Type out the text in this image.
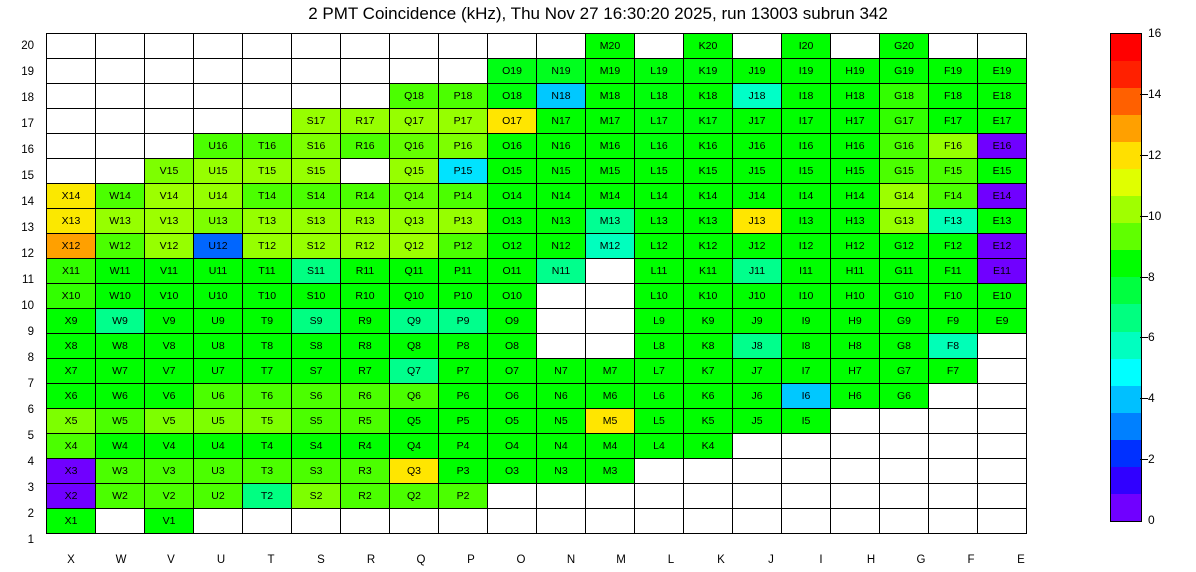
2 PMT Coincidence (kHz), Thu Nov 27 16:30:20 2025, run 13003 subrun 342
20
19
18
17
16
15
14
13
12
11
10
9
8
7
6
5
4
3
2
1
											M20		K20		I20		G20		
									O19	N19	M19	L19	K19	J19	I19	H19	G19	F19	E19
							Q18	P18	O18	N18	M18	L18	K18	J18	I18	H18	G18	F18	E18
					S17	R17	Q17	P17	O17	N17	M17	L17	K17	J17	I17	H17	G17	F17	E17
			U16	T16	S16	R16	Q16	P16	O16	N16	M16	L16	K16	J16	I16	H16	G16	F16	E16
		V15	U15	T15	S15		Q15	P15	O15	N15	M15	L15	K15	J15	I15	H15	G15	F15	E15
X14	W14	V14	U14	T14	S14	R14	Q14	P14	O14	N14	M14	L14	K14	J14	I14	H14	G14	F14	E14
X13	W13	V13	U13	T13	S13	R13	Q13	P13	O13	N13	M13	L13	K13	J13	I13	H13	G13	F13	E13
X12	W12	V12	U12	T12	S12	R12	Q12	P12	O12	N12	M12	L12	K12	J12	I12	H12	G12	F12	E12
X11	W11	V11	U11	T11	S11	R11	Q11	P11	O11	N11		L11	K11	J11	I11	H11	G11	F11	E11
X10	W10	V10	U10	T10	S10	R10	Q10	P10	O10			L10	K10	J10	I10	H10	G10	F10	E10
X9	W9	V9	U9	T9	S9	R9	Q9	P9	O9			L9	K9	J9	I9	H9	G9	F9	E9
X8	W8	V8	U8	T8	S8	R8	Q8	P8	O8			L8	K8	J8	I8	H8	G8	F8	
X7	W7	V7	U7	T7	S7	R7	Q7	P7	O7	N7	M7	L7	K7	J7	I7	H7	G7	F7	
X6	W6	V6	U6	T6	S6	R6	Q6	P6	O6	N6	M6	L6	K6	J6	I6	H6	G6		
X5	W5	V5	U5	T5	S5	R5	Q5	P5	O5	N5	M5	L5	K5	J5	I5				
X4	W4	V4	U4	T4	S4	R4	Q4	P4	O4	N4	M4	L4	K4						
X3	W3	V3	U3	T3	S3	R3	Q3	P3	O3	N3	M3								
X2	W2	V2	U2	T2	S2	R2	Q2	P2											
X1		V1																	
X	W	V	U	T	S	R	Q	P	O	N	M	L	K	J	I	H	G	F	E
0
2
4
6
8
10
12
14
16
